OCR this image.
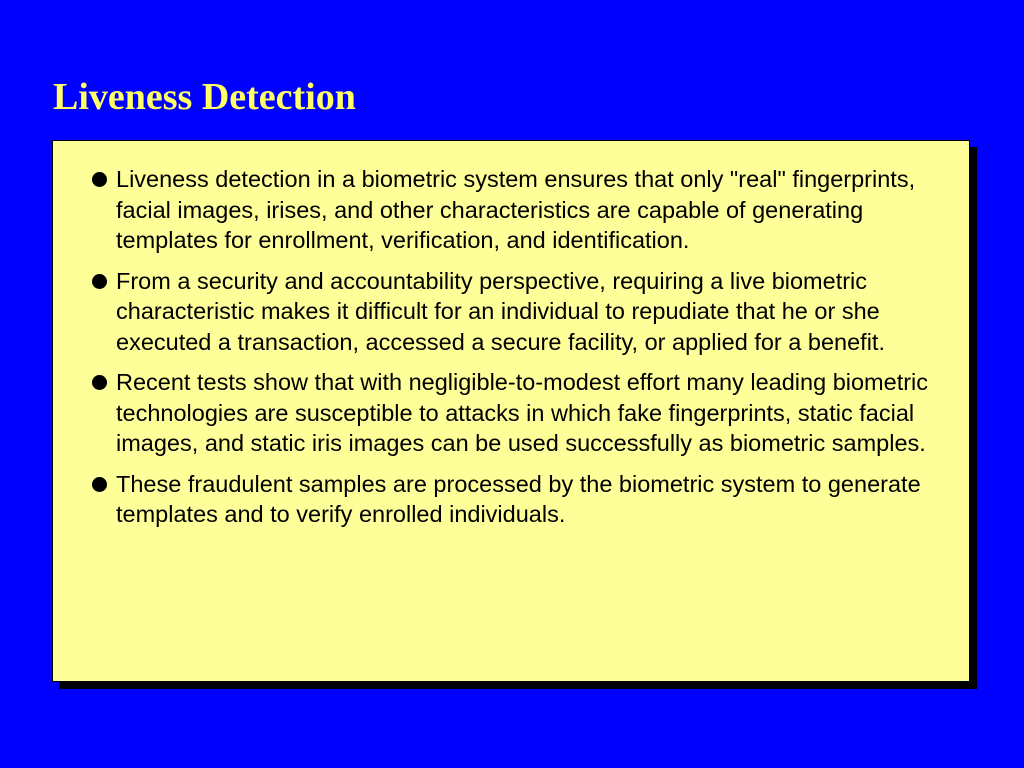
Liveness Detection
Liveness detection in a biometric system ensures that only "real" fingerprints, facial images, irises, and other characteristics are capable of generating templates for enrollment, verification, and identification.
From a security and accountability perspective, requiring a live biometric characteristic makes it difficult for an individual to repudiate that he or she executed a transaction, accessed a secure facility, or applied for a benefit.
Recent tests show that with negligible-to-modest effort many leading biometric technologies are susceptible to attacks in which fake fingerprints, static facial images, and static iris images can be used successfully as biometric samples.
These fraudulent samples are processed by the biometric system to generate templates and to verify enrolled individuals.
